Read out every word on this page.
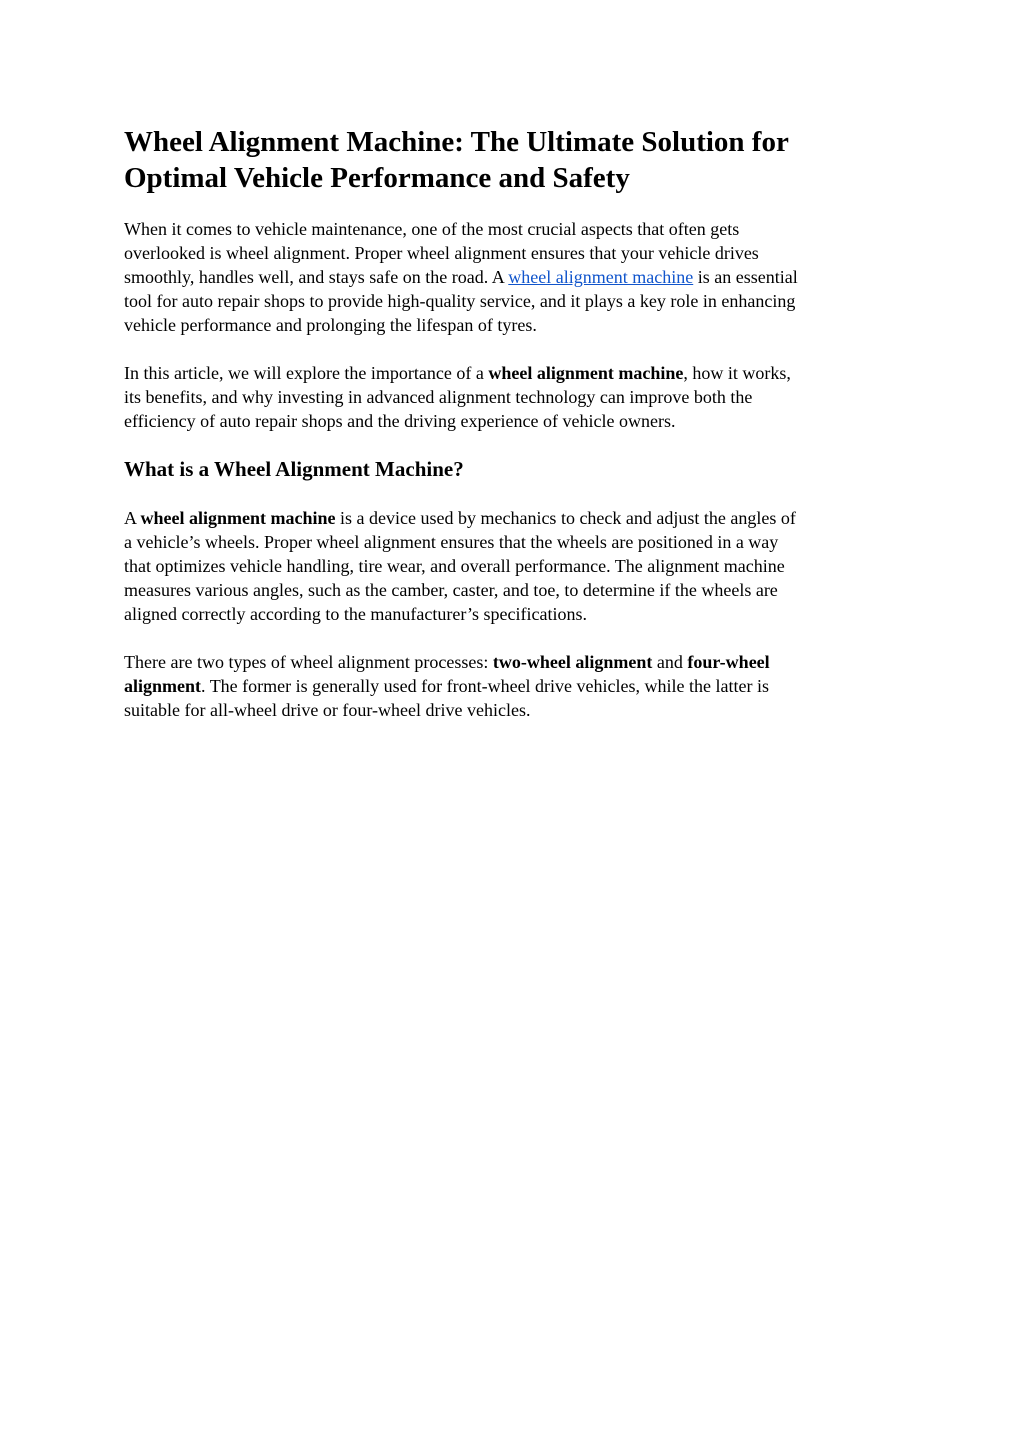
Wheel Alignment Machine: The Ultimate Solution for
Optimal Vehicle Performance and Safety

When it comes to vehicle maintenance, one of the most crucial aspects that often gets
overlooked is wheel alignment. Proper wheel alignment ensures that your vehicle drives
smoothly, handles well, and stays safe on the road. A wheel alignment machine is an essential
tool for auto repair shops to provide high-quality service, and it plays a key role in enhancing
vehicle performance and prolonging the lifespan of tyres.

In this article, we will explore the importance of a wheel alignment machine, how it works,
its benefits, and why investing in advanced alignment technology can improve both the
efficiency of auto repair shops and the driving experience of vehicle owners.

What is a Wheel Alignment Machine?

A wheel alignment machine is a device used by mechanics to check and adjust the angles of
a vehicle’s wheels. Proper wheel alignment ensures that the wheels are positioned in a way
that optimizes vehicle handling, tire wear, and overall performance. The alignment machine
measures various angles, such as the camber, caster, and toe, to determine if the wheels are
aligned correctly according to the manufacturer’s specifications.

There are two types of wheel alignment processes: two-wheel alignment and four-wheel
alignment. The former is generally used for front-wheel drive vehicles, while the latter is
suitable for all-wheel drive or four-wheel drive vehicles.
